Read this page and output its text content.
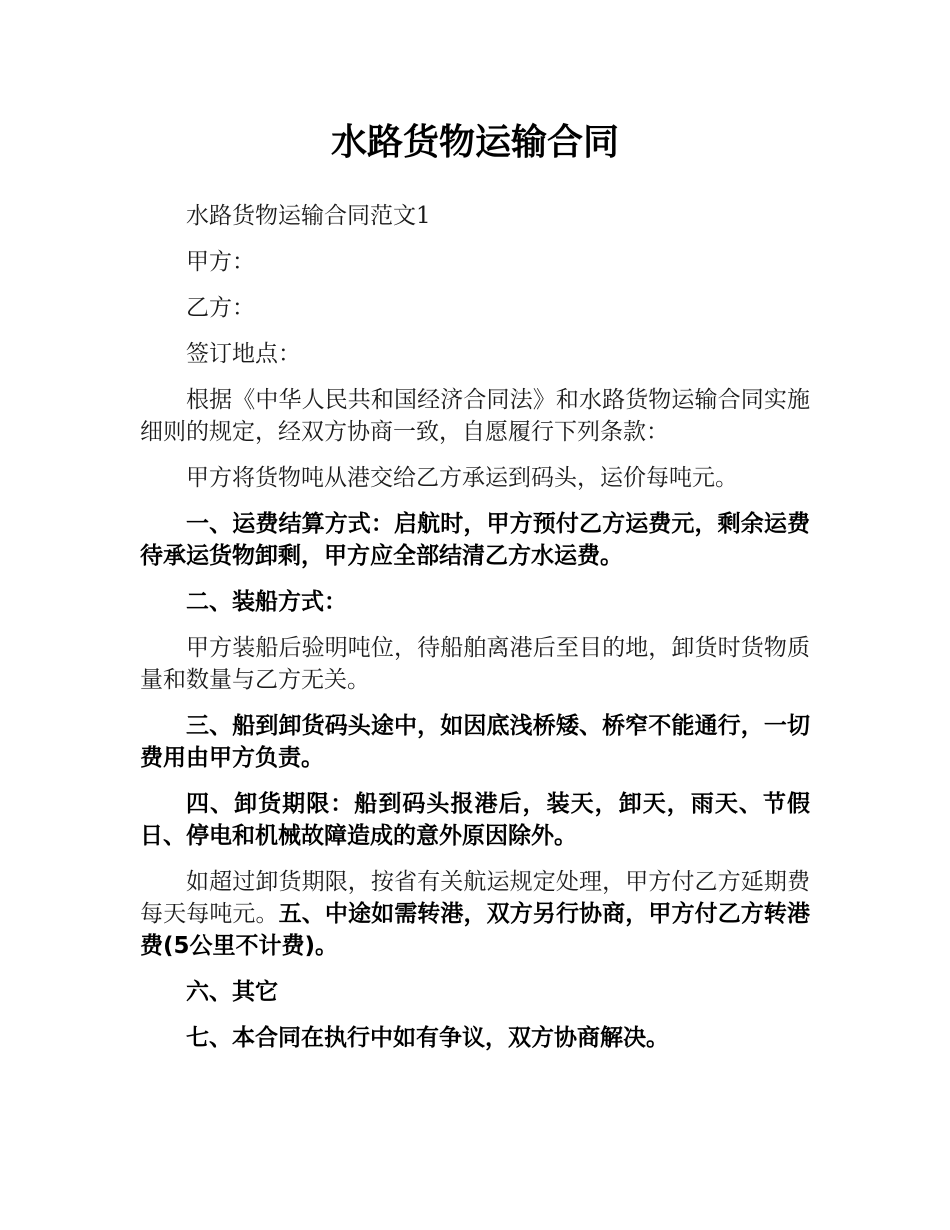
水路货物运输合同

水路货物运输合同范文1

甲方：

乙方：

签订地点：

根据《中华人民共和国经济合同法》和水路货物运输合同实施细则的规定，经双方协商一致，自愿履行下列条款：

甲方将货物吨从港交给乙方承运到码头，运价每吨元。

一、运费结算方式：启航时，甲方预付乙方运费元，剩余运费待承运货物卸剩，甲方应全部结清乙方水运费。

二、装船方式：

甲方装船后验明吨位，待船舶离港后至目的地，卸货时货物质量和数量与乙方无关。

三、船到卸货码头途中，如因底浅桥矮、桥窄不能通行，一切费用由甲方负责。

四、卸货期限：船到码头报港后，装天，卸天，雨天、节假日、停电和机械故障造成的意外原因除外。

如超过卸货期限，按省有关航运规定处理，甲方付乙方延期费每天每吨元。五、中途如需转港，双方另行协商，甲方付乙方转港费(5公里不计费)。

六、其它

七、本合同在执行中如有争议，双方协商解决。
